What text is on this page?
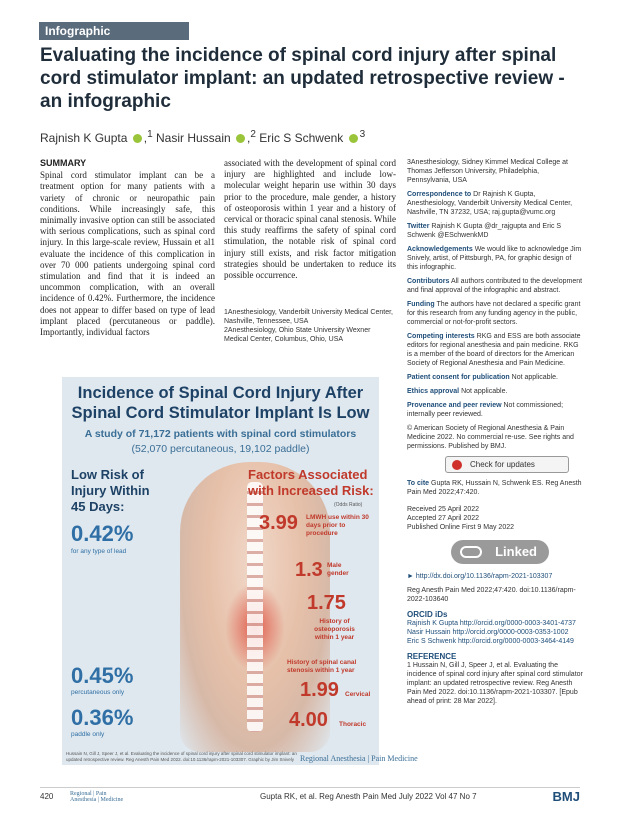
Infographic
Evaluating the incidence of spinal cord injury after spinal cord stimulator implant: an updated retrospective review - an infographic
Rajnish K Gupta ,$^1$ Nasir Hussain ,$^2$ Eric S Schwenk $^3$
SUMMARY
Spinal cord stimulator implant can be a treatment option for many patients with a variety of chronic or neuropathic pain conditions. While increasingly safe, this minimally invasive option can still be associated with serious complications, such as spinal cord injury. In this large-scale review, Hussain et al1 evaluate the incidence of this complication in over 70 000 patients undergoing spinal cord stimulation and find that it is indeed an uncommon complication, with an overall incidence of 0.42%. Furthermore, the incidence does not appear to differ based on type of lead implant placed (percutaneous or paddle). Importantly, individual factors
associated with the development of spinal cord injury are highlighted and include low-molecular weight heparin use within 30 days prior to the procedure, male gender, a history of osteoporosis within 1 year and a history of cervical or thoracic spinal canal stenosis. While this study reaffirms the safety of spinal cord stimulation, the notable risk of spinal cord injury still exists, and risk factor mitigation strategies should be undertaken to reduce its possible occurrence.

1Anesthesiology, Vanderbilt University Medical Center, Nashville, Tennessee, USA

2Anesthesiology, Ohio State University Wexner Medical Center, Columbus, Ohio, USA

3Anesthesiology, Sidney Kimmel Medical College at Thomas Jefferson University, Philadelphia, Pennsylvania, USA

Correspondence to Dr Rajnish K Gupta, Anesthesiology, Vanderbilt University Medical Center, Nashville, TN 37232, USA; raj.gupta@vumc.org

Twitter Rajnish K Gupta @dr_rajgupta and Eric S Schwenk @ESchwenkMD

Acknowledgements We would like to acknowledge Jim Snively, artist, of Pittsburgh, PA, for graphic design of this infographic.

Contributors All authors contributed to the development and final approval of the infographic and abstract.

Funding The authors have not declared a specific grant for this research from any funding agency in the public, commercial or not-for-profit sectors.

Competing interests RKG and ESS are both associate editors for regional anesthesia and pain medicine. RKG is a member of the board of directors for the American Society of Regional Anesthesia and Pain Medicine.

Patient consent for publication Not applicable.

Ethics approval Not applicable.

Provenance and peer review Not commissioned; internally peer reviewed.

© American Society of Regional Anesthesia & Pain Medicine 2022. No commercial re-use. See rights and permissions. Published by BMJ.

Check for updates

To cite Gupta RK, Hussain N, Schwenk ES. Reg Anesth Pain Med 2022;47:420.

Received 25 April 2022

Accepted 27 April 2022

Published Online First 9 May 2022

Linked

► http://dx.doi.org/10.1136/rapm-2021-103307

Reg Anesth Pain Med 2022;47:420. doi:10.1136/rapm-2022-103640

ORCID iDs

Rajnish K Gupta http://orcid.org/0000-0003-3401-4737

Nasir Hussain http://orcid.org/0000-0003-0353-1002

Eric S Schwenk http://orcid.org/0000-0003-3464-4149

REFERENCE

1 Hussain N, Gill J, Speer J, et al. Evaluating the incidence of spinal cord injury after spinal cord stimulator implant: an updated retrospective review. Reg Anesth Pain Med 2022. doi:10.1136/rapm-2021-103307. [Epub ahead of print: 28 Mar 2022].

Incidence of Spinal Cord Injury After
Spinal Cord Stimulator Implant Is Low
A study of 71,172 patients with spinal cord stimulators
(52,070 percutaneous, 19,102 paddle)
Low Risk of
Injury Within
45 Days:
0.42%
for any type of lead
0.45%
percutaneous only
0.36%
paddle only
Factors Associated
with Increased Risk:
(Odds Ratio)
3.99 LMWH use within 30 days prior to procedure
1.3 Male gender
1.75
History of osteoporosis within 1 year
History of spinal canal stenosis within 1 year
1.99 Cervical
4.00 Thoracic
Hussain N, Gill J, Speer J, et al. Evaluating the incidence of spinal cord injury after spinal cord stimulator implant: an updated retrospective review. Reg Anesth Pain Med 2022. doi:10.1136/rapm-2021-103307. Graphic by Jim Snively Regional Anesthesia | Pain Medicine
420	Regional | Pain
Anesthesia | Medicine	Gupta RK, et al. Reg Anesth Pain Med July 2022 Vol 47 No 7	BMJ
